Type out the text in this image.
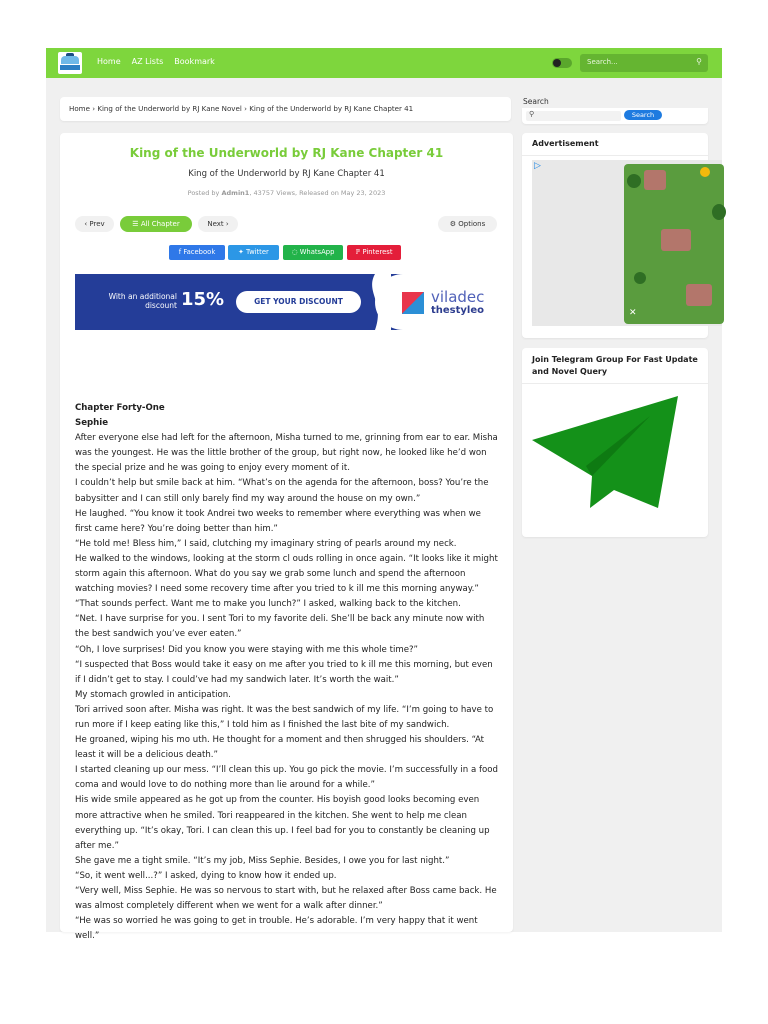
Home AZ Lists Bookmark	Search...	⚲
Home › King of the Underworld by RJ Kane Novel › King of the Underworld by RJ Kane Chapter 41
King of the Underworld by RJ Kane Chapter 41
King of the Underworld by RJ Kane Chapter 41
Posted by Admin1, 43757 Views, Released on May 23, 2023
‹ Prev	☰ All Chapter	Next ›	⚙ Options
f Facebook	✦ Twitter	◌ WhatsApp	ℙ Pinterest
With an additional
discount 15%	GET YOUR DISCOUNT	viladec
thestyleo

Chapter Forty-One

Sephie

After everyone else had left for the afternoon, Misha turned to me, grinning from ear to ear. Misha was the youngest. He was the little brother of the group, but right now, he looked like he’d won the special prize and he was going to enjoy every moment of it.

I couldn’t help but smile back at him. “What’s on the agenda for the afternoon, boss? You’re the babysitter and I can still only barely find my way around the house on my own.”

He laughed. “You know it took Andrei two weeks to remember where everything was when we first came here? You’re doing better than him.”

“He told me! Bless him,” I said, clutching my imaginary string of pearls around my neck.

He walked to the windows, looking at the storm cl ouds rolling in once again. “It looks like it might storm again this afternoon. What do you say we grab some lunch and spend the afternoon watching movies? I need some recovery time after you tried to k ill me this morning anyway.”

“That sounds perfect. Want me to make you lunch?” I asked, walking back to the kitchen.

“Net. I have surprise for you. I sent Tori to my favorite deli. She’ll be back any minute now with the best sandwich you’ve ever eaten.”

“Oh, I love surprises! Did you know you were staying with me this whole time?”

“I suspected that Boss would take it easy on me after you tried to k ill me this morning, but even if I didn’t get to stay. I could’ve had my sandwich later. It’s worth the wait.”

My stomach growled in anticipation.

Tori arrived soon after. Misha was right. It was the best sandwich of my life. “I’m going to have to run more if I keep eating like this,” I told him as I finished the last bite of my sandwich.

He groaned, wiping his mo uth. He thought for a moment and then shrugged his shoulders. “At least it will be a delicious death.”

I started cleaning up our mess. “I’ll clean this up. You go pick the movie. I’m successfully in a food coma and would love to do nothing more than lie around for a while.”

His wide smile appeared as he got up from the counter. His boyish good looks becoming even more attractive when he smiled. Tori reappeared in the kitchen. She went to help me clean everything up. “It’s okay, Tori. I can clean this up. I feel bad for you to constantly be cleaning up after me.”

She gave me a tight smile. “It’s my job, Miss Sephie. Besides, I owe you for last night.”

“So, it went well...?” I asked, dying to know how it ended up.

“Very well, Miss Sephie. He was so nervous to start with, but he relaxed after Boss came back. He was almost completely different when we went for a walk after dinner.”

“He was so worried he was going to get in trouble. He’s adorable. I’m very happy that it went well.”

Search
⚲	Search
Advertisement
▷
✕
Join Telegram Group For Fast Update and Novel Query
